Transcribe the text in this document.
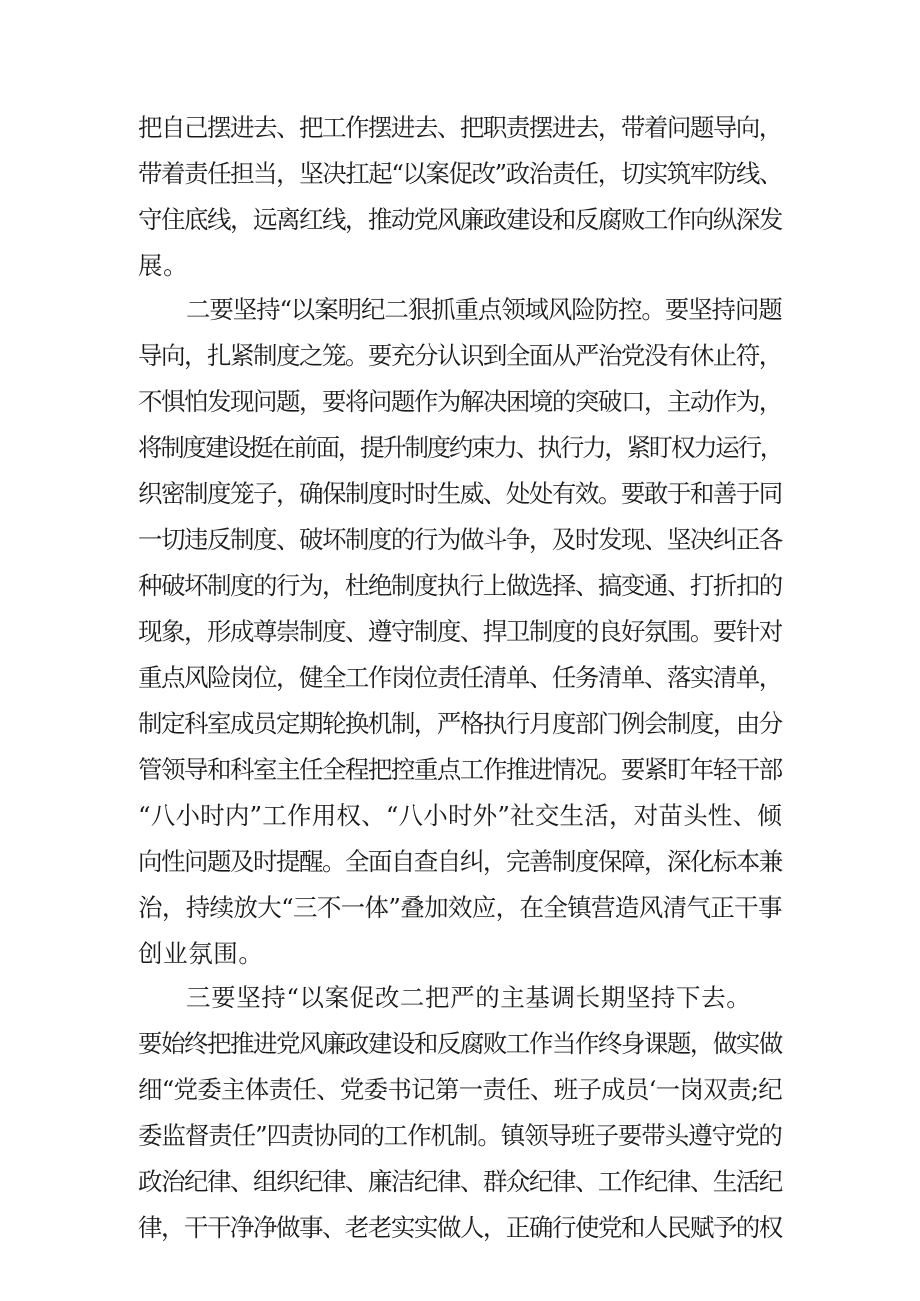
把自己摆进去、把工作摆进去、把职责摆进去，带着问题导向，
带着责任担当，坚决扛起“以案促改”政治责任，切实筑牢防线、
守住底线，远离红线，推动党风廉政建设和反腐败工作向纵深发
展。
二要坚持“以案明纪二狠抓重点领域风险防控。要坚持问题
导向，扎紧制度之笼。要充分认识到全面从严治党没有休止符，
不惧怕发现问题，要将问题作为解决困境的突破口，主动作为，
将制度建设挺在前面，提升制度约束力、执行力，紧盯权力运行，
织密制度笼子，确保制度时时生威、处处有效。要敢于和善于同
一切违反制度、破坏制度的行为做斗争，及时发现、坚决纠正各
种破坏制度的行为，杜绝制度执行上做选择、搞变通、打折扣的
现象，形成尊崇制度、遵守制度、捍卫制度的良好氛围。要针对
重点风险岗位，健全工作岗位责任清单、任务清单、落实清单，
制定科室成员定期轮换机制，严格执行月度部门例会制度，由分
管领导和科室主任全程把控重点工作推进情况。要紧盯年轻干部
“八小时内”工作用权、“八小时外”社交生活，对苗头性、倾
向性问题及时提醒。全面自查自纠，完善制度保障，深化标本兼
治，持续放大“三不一体”叠加效应，在全镇营造风清气正干事
创业氛围。
三要坚持“以案促改二把严的主基调长期坚持下去。
要始终把推进党风廉政建设和反腐败工作当作终身课题，做实做
细“党委主体责任、党委书记第一责任、班子成员‘一岗双责;纪
委监督责任”四责协同的工作机制。镇领导班子要带头遵守党的
政治纪律、组织纪律、廉洁纪律、群众纪律、工作纪律、生活纪
律，干干净净做事、老老实实做人，正确行使党和人民赋予的权
